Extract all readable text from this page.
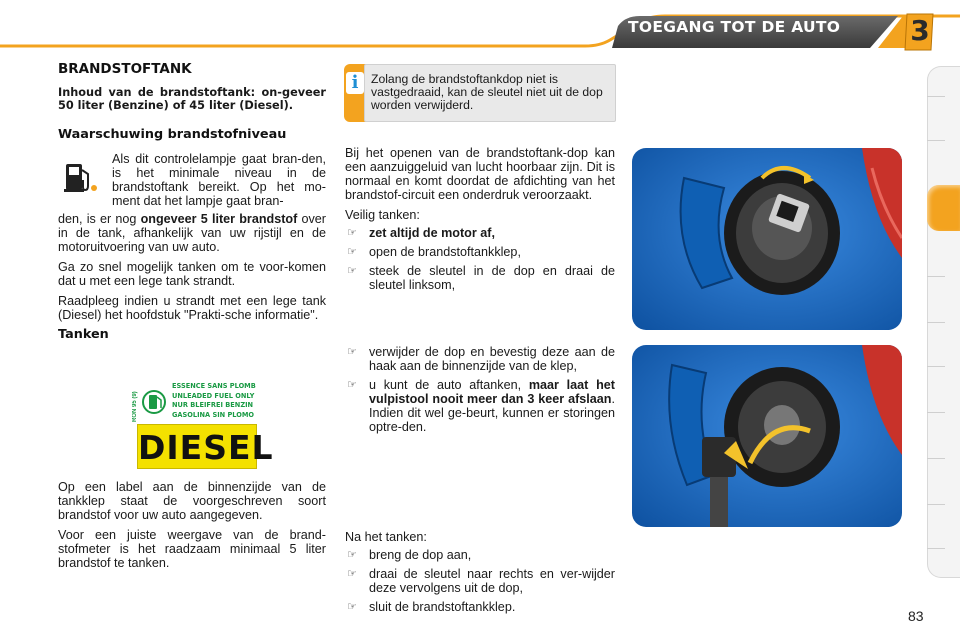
TOEGANG TOT DE AUTO 3
BRANDSTOFTANK
Inhoud van de brandstoftank: on-geveer 50 liter (Benzine) of 45 liter (Diesel).
Waarschuwing brandstofniveau

Als dit controlelampje gaat bran-den, is het minimale niveau in de brandstoftank bereikt. Op het mo-ment dat het lampje gaat bran-

den, is er nog ongeveer 5 liter brandstof over in de tank, afhankelijk van uw rijstijl en de motoruitvoering van uw auto.

Ga zo snel mogelijk tanken om te voor-komen dat u met een lege tank strandt.

Raadpleeg indien u strandt met een lege tank (Diesel) het hoofdstuk "Prakti-sche informatie".

Tanken
RON 95 (9)
ESSENCE SANS PLOMB
UNLEADED FUEL ONLY
NUR BLEIFREI BENZIN
GASOLINA SIN PLOMO
DIESEL

Op een label aan de binnenzijde van de tankklep staat de voorgeschreven soort brandstof voor uw auto aangegeven.

Voor een juiste weergave van de brand-stofmeter is het raadzaam minimaal 5 liter brandstof te tanken.

i	Zolang de brandstoftankdop niet is vastgedraaid, kan de sleutel niet uit de dop worden verwijderd.

Bij het openen van de brandstoftank-dop kan een aanzuiggeluid van lucht hoorbaar zijn. Dit is normaal en komt doordat de afdichting van het brandstof-circuit een onderdruk veroorzaakt.

Veilig tanken:

☞ zet altijd de motor af,
☞ open de brandstoftankklep,
☞ steek de sleutel in de dop en draai de sleutel linksom,
☞ verwijder de dop en bevestig deze aan de haak aan de binnenzijde van de klep,
☞ u kunt de auto aftanken, maar laat het vulpistool nooit meer dan 3 keer afslaan. Indien dit wel ge-beurt, kunnen er storingen optre-den.

Na het tanken:

☞ breng de dop aan,
☞ draai de sleutel naar rechts en ver-wijder deze vervolgens uit de dop,
☞ sluit de brandstoftankklep.
83
